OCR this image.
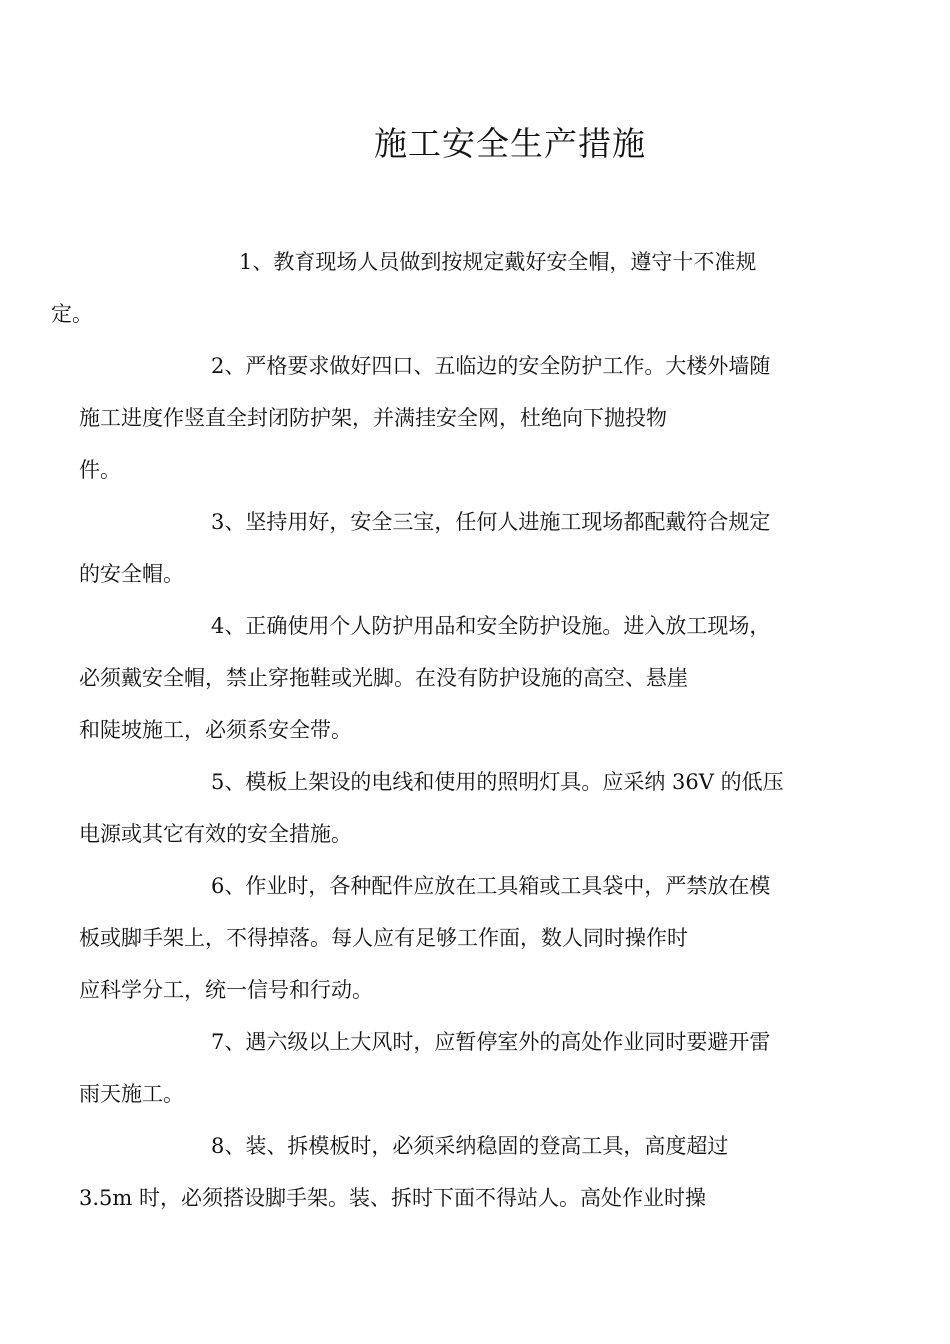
施工安全生产措施

1、教育现场人员做到按规定戴好安全帽，遵守十不准规
定。

2、严格要求做好四口、五临边的安全防护工作。大楼外墙随
施工进度作竖直全封闭防护架，并满挂安全网，杜绝向下抛投物
件。

3、坚持用好，安全三宝，任何人进施工现场都配戴符合规定
的安全帽。

4、正确使用个人防护用品和安全防护设施。进入放工现场，
必须戴安全帽，禁止穿拖鞋或光脚。在没有防护设施的高空、悬崖
和陡坡施工，必须系安全带。

5、模板上架设的电线和使用的照明灯具。应采纳 36V 的低压
电源或其它有效的安全措施。

6、作业时，各种配件应放在工具箱或工具袋中，严禁放在模
板或脚手架上，不得掉落。每人应有足够工作面，数人同时操作时
应科学分工，统一信号和行动。

7、遇六级以上大风时，应暂停室外的高处作业同时要避开雷
雨天施工。

8、装、拆模板时，必须采纳稳固的登高工具，高度超过
3.5m 时，必须搭设脚手架。装、拆时下面不得站人。高处作业时操
